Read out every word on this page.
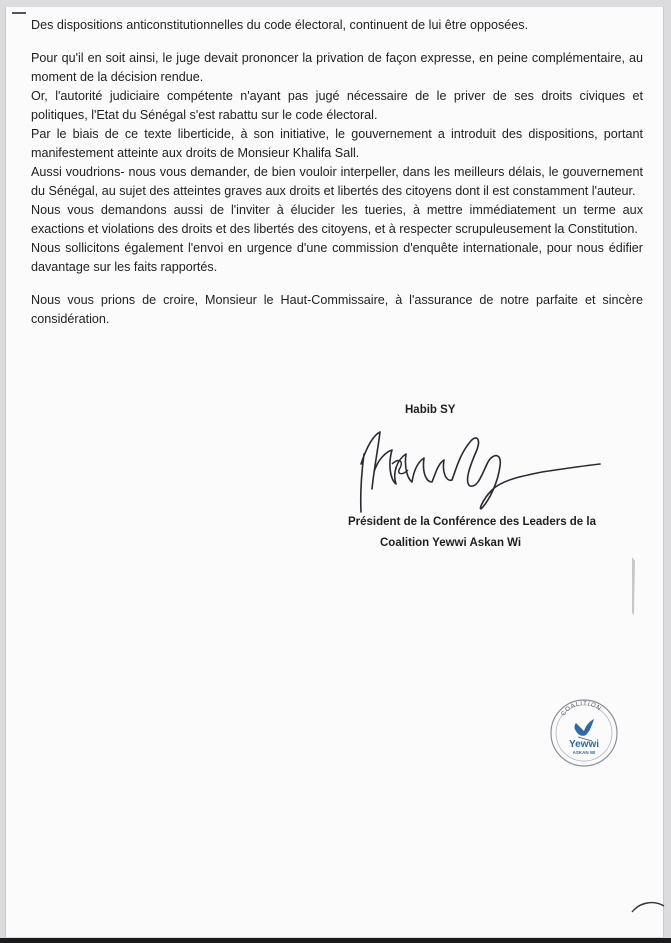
Des dispositions anticonstitutionnelles du code électoral, continuent de lui être opposées.

Pour qu'il en soit ainsi, le juge devait prononcer la privation de façon expresse, en peine complémentaire, au moment de la décision rendue.

Or, l'autorité judiciaire compétente n'ayant pas jugé nécessaire de le priver de ses droits civiques et politiques, l'Etat du Sénégal s'est rabattu sur le code électoral.

Par le biais de ce texte liberticide, à son initiative, le gouvernement a introduit des dispositions, portant manifestement atteinte aux droits de Monsieur Khalifa Sall.

Aussi voudrions- nous vous demander, de bien vouloir interpeller, dans les meilleurs délais, le gouvernement du Sénégal, au sujet des atteintes graves aux droits et libertés des citoyens dont il est constamment l'auteur.

Nous vous demandons aussi de l'inviter à élucider les tueries, à mettre immédiatement un terme aux exactions et violations des droits et des libertés des citoyens, et à respecter scrupuleusement la Constitution.

Nous sollicitons également l'envoi en urgence d'une commission d'enquête internationale, pour nous édifier davantage sur les faits rapportés.

Nous vous prions de croire, Monsieur le Haut-Commissaire, à l'assurance de notre parfaite et sincère considération.

Habib SY
Président de la Conférence des Leaders de la
Coalition Yewwi Askan Wi
COALITION
Yewwi
ASKAN WI
